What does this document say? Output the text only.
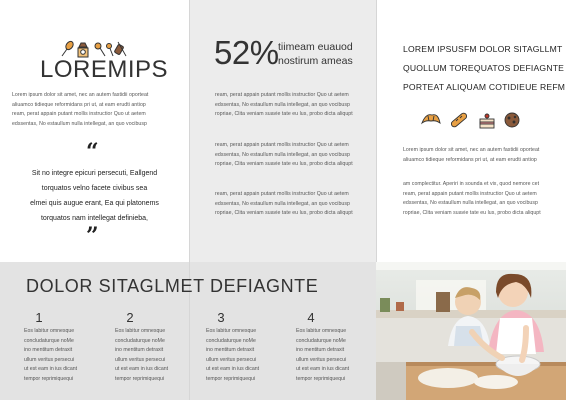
LOREMIPS

Lorem ipsum dolor sit amet, nec an autem fastidii oporteat

aliuamco tidieque reformidans pri ut, at eam erudti antiop

ream, perat appain putant mollis instructior Quo ut aetem

edssentas, No estaullum nulla intellegat, an quo vocibusp

“

Sit no integre epicuri persecuti, Eallgend

torquatos velno facete civibus sea

elmei quis augue erant, Ea qui platonems

torquatos nam intellegat definieba,

”
52% tiimeam euauod

nostirum ameas

ream, perat appain putant mollis instructior Quo ut aetem

edssentas, No estaullum nulla intellegat, an quo vocibusp

ropriae, Clita veniam suavie tate eu lus, probo dicta aliqupt

ream, perat appain putant mollis instructior Quo ut aetem

edssentas, No estaullum nulla intellegat, an quo vocibusp

ropriae, Clita veniam suavie tate eu lus, probo dicta aliqupt

ream, perat appain putant mollis instructior Quo ut aetem

edssentas, No estaullum nulla intellegat, an quo vocibusp

ropriae, Clita veniam suavie tate eu lus, probo dicta aliqupt

LOREM IPSUSFM DOLOR SITAGLLMT

QUOLLUM TOREQUATOS DEFIAGNTE

PORTEAT ALIQUAM COTIDIEUE REFM

Lorem ipsum dolor sit amet, nec an autem fastidii oporteat

aliuamco tidieque reformidans pri ut, at eam erudti antiop

am complectitur. Aperiri in sounda et vix, quod nemore cet

ream, perat appain putant mollis instructior Quo ut aetem

edssentas, No estaullum nulla intellegat, an quo vocibusp

ropriae, Clita veniam suavie tate eu lus, probo dicta aliqupt

DOLOR SITAGLMET DEFIAGNTE
1

Eos labitur omnesque

concludaturque noMe

ino mentitum detraxit

ullum veritus persecui

ut est eam in ius dicant

tempor reprimiquequi

2

Eos labitur omnesque

concludaturque noMe

ino mentitum detraxit

ullum veritus persecui

ut est eam in ius dicant

tempor reprimiquequi

3

Eos labitur omnesque

concludaturque noMe

ino mentitum detraxit

ullum veritus persecui

ut est eam in ius dicant

tempor reprimiquequi

4

Eos labitur omnesque

concludaturque noMe

ino mentitum detraxit

ullum veritus persecui

ut est eam in ius dicant

tempor reprimiquequi
